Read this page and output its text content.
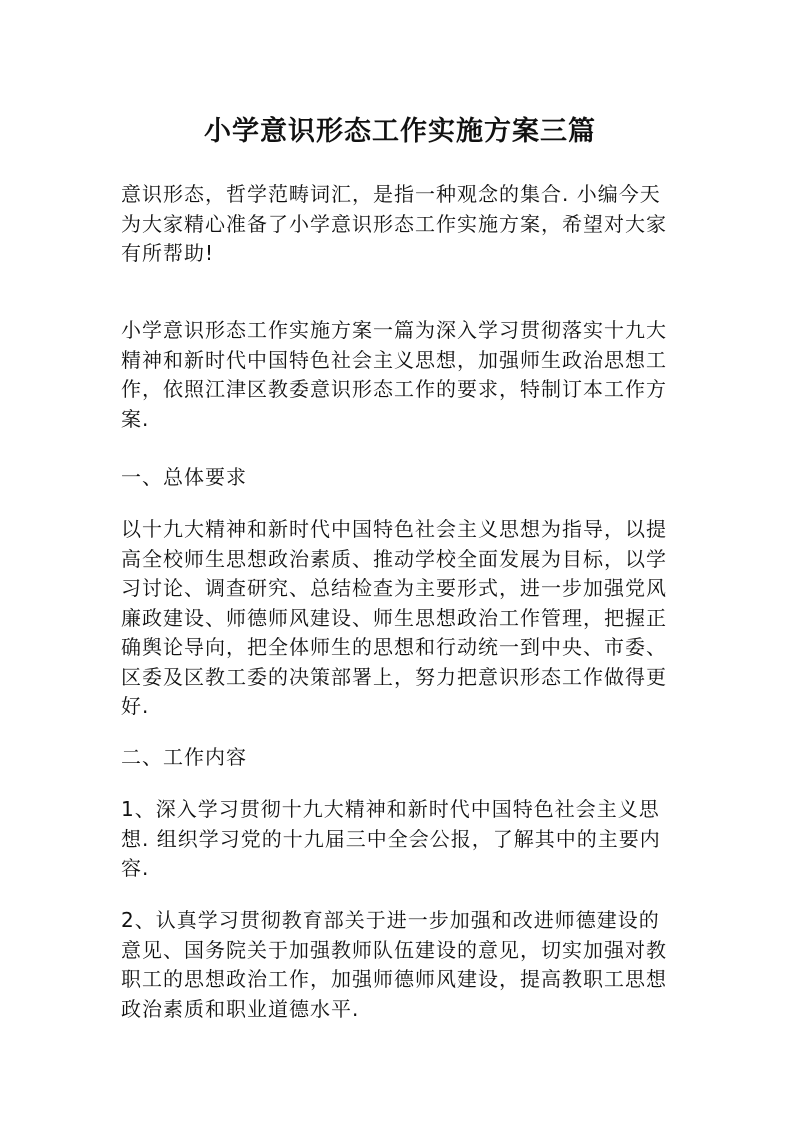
小学意识形态工作实施方案三篇

意识形态，哲学范畴词汇，是指一种观念的集合. 小编今天为大家精心准备了小学意识形态工作实施方案，希望对大家有所帮助!

小学意识形态工作实施方案一篇为深入学习贯彻落实十九大精神和新时代中国特色社会主义思想，加强师生政治思想工作，依照江津区教委意识形态工作的要求，特制订本工作方案.

一、总体要求

以十九大精神和新时代中国特色社会主义思想为指导，以提高全校师生思想政治素质、推动学校全面发展为目标，以学习讨论、调查研究、总结检查为主要形式，进一步加强党风廉政建设、师德师风建设、师生思想政治工作管理，把握正确舆论导向，把全体师生的思想和行动统一到中央、市委、区委及区教工委的决策部署上，努力把意识形态工作做得更好.

二、工作内容

1、深入学习贯彻十九大精神和新时代中国特色社会主义思想. 组织学习党的十九届三中全会公报，了解其中的主要内容.

2、认真学习贯彻教育部关于进一步加强和改进师德建设的意见、国务院关于加强教师队伍建设的意见，切实加强对教职工的思想政治工作，加强师德师风建设，提高教职工思想政治素质和职业道德水平.
